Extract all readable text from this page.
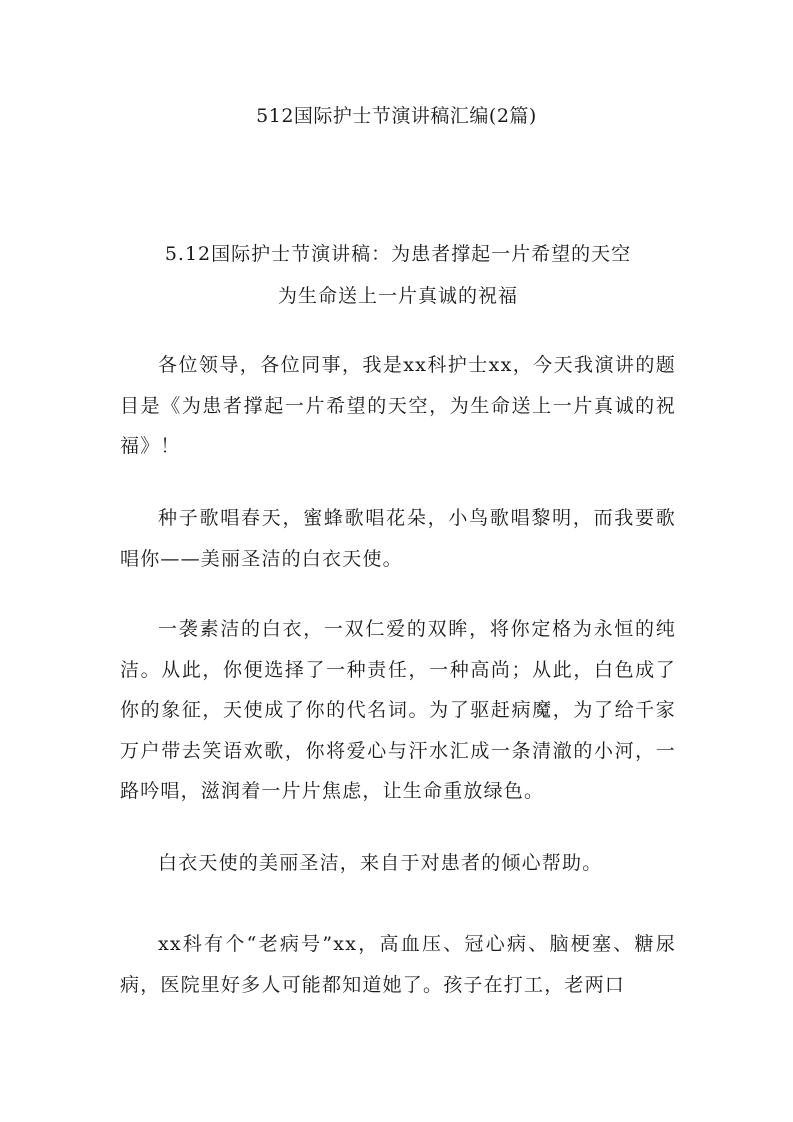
512国际护士节演讲稿汇编(2篇)
5.12国际护士节演讲稿：为患者撑起一片希望的天空
为生命送上一片真诚的祝福

各位领导，各位同事，我是xx科护士xx，今天我演讲的题目是《为患者撑起一片希望的天空，为生命送上一片真诚的祝福》！

种子歌唱春天，蜜蜂歌唱花朵，小鸟歌唱黎明，而我要歌唱你——美丽圣洁的白衣天使。

一袭素洁的白衣，一双仁爱的双眸，将你定格为永恒的纯洁。从此，你便选择了一种责任，一种高尚；从此，白色成了你的象征，天使成了你的代名词。为了驱赶病魔，为了给千家万户带去笑语欢歌，你将爱心与汗水汇成一条清澈的小河，一路吟唱，滋润着一片片焦虑，让生命重放绿色。

白衣天使的美丽圣洁，来自于对患者的倾心帮助。

xx科有个“老病号”xx，高血压、冠心病、脑梗塞、糖尿病，医院里好多人可能都知道她了。孩子在打工，老两口
